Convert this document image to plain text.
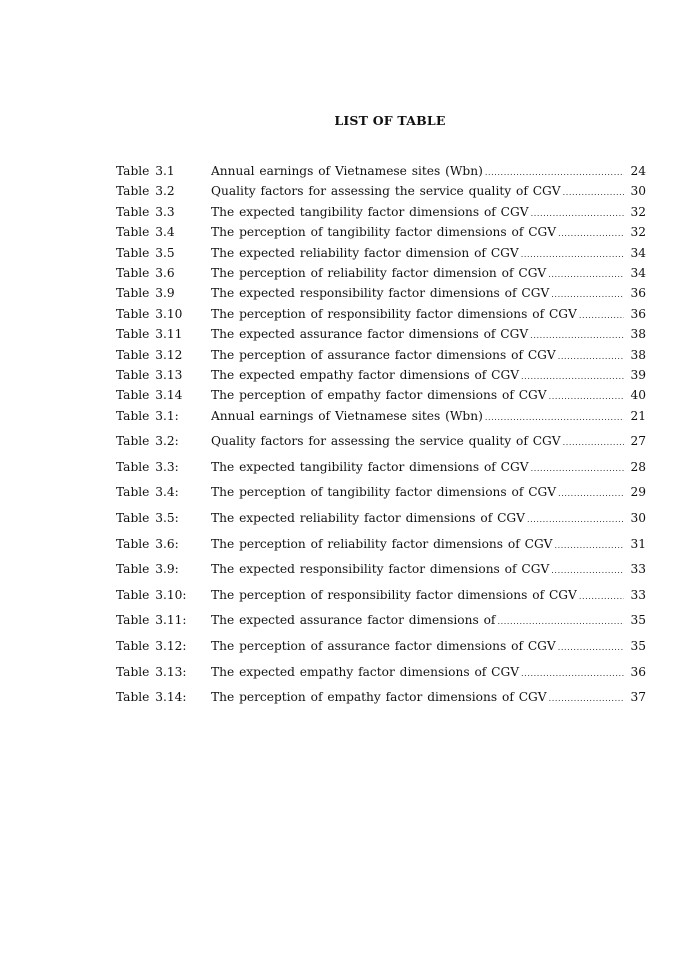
LIST OF TABLE
Table 3.1	Annual earnings of Vietnamese sites (Wbn) .....	24
Table 3.2	Quality factors for assessing the service quality of CGV .....	30
Table 3.3	The expected tangibility factor dimensions of CGV .....	32
Table 3.4	The perception of tangibility factor dimensions of CGV .....	32
Table 3.5	The expected reliability factor dimension of CGV .....	34
Table 3.6	The perception of reliability factor dimension of CGV .....	34
Table 3.9	The expected responsibility factor dimensions of CGV .....	36
Table 3.10	The perception of responsibility factor dimensions of CGV .....	36
Table 3.11	The expected assurance factor dimensions of CGV .....	38
Table 3.12	The perception of assurance factor dimensions of CGV .....	38
Table 3.13	The expected empathy factor dimensions of CGV .....	39
Table 3.14	The perception of empathy factor dimensions of CGV .....	40
Table 3.1:	Annual earnings of Vietnamese sites (Wbn) .....	21
Table 3.2:	Quality factors for assessing the service quality of CGV .....	27
Table 3.3:	The expected tangibility factor dimensions of CGV .....	28
Table 3.4:	The perception of tangibility factor dimensions of CGV .....	29
Table 3.5:	The expected reliability factor dimensions of CGV .....	30
Table 3.6:	The perception of reliability factor dimensions of CGV .....	31
Table 3.9:	The expected responsibility factor dimensions of CGV .....	33
Table 3.10:	The perception of responsibility factor dimensions of CGV .....	33
Table 3.11:	The expected assurance factor dimensions of .....	35
Table 3.12:	The perception of assurance factor dimensions of CGV .....	35
Table 3.13:	The expected empathy factor dimensions of CGV .....	36
Table 3.14:	The perception of empathy factor dimensions of CGV .....	37
